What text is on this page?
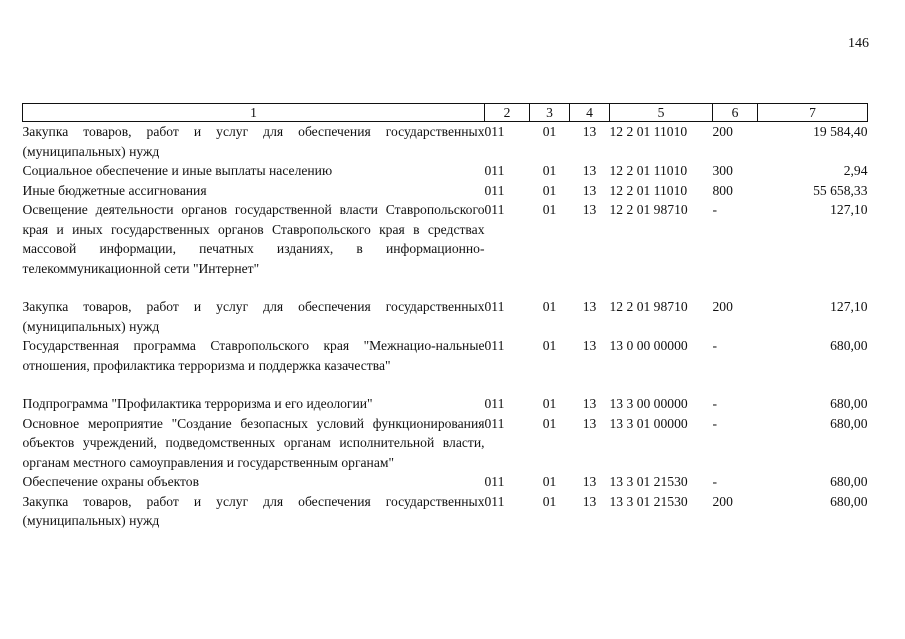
146
1	2	3	4	5	6	7
Закупка товаров, работ и услуг для обеспечения государственных (муниципальных) нужд	011	01	13	12 2 01 11010	200	19 584,40
Социальное обеспечение и иные выплаты населению	011	01	13	12 2 01 11010	300	2,94
Иные бюджетные ассигнования	011	01	13	12 2 01 11010	800	55 658,33
Освещение деятельности органов государственной власти Ставропольского края и иных государственных органов Ставропольского края в средствах массовой информации, печатных изданиях, в информационно-телекоммуникационной сети "Интернет"	011	01	13	12 2 01 98710	-	127,10
Закупка товаров, работ и услуг для обеспечения государственных (муниципальных) нужд	011	01	13	12 2 01 98710	200	127,10
Государственная программа Ставропольского края "Межнацио-нальные отношения, профилактика терроризма и поддержка казачества"	011	01	13	13 0 00 00000	-	680,00
Подпрограмма "Профилактика терроризма и его идеологии"	011	01	13	13 3 00 00000	-	680,00
Основное мероприятие "Создание безопасных условий функционирования объектов учреждений, подведомственных органам исполнительной власти, органам местного самоуправления и государственным органам"	011	01	13	13 3 01 00000	-	680,00
Обеспечение охраны объектов	011	01	13	13 3 01 21530	-	680,00
Закупка товаров, работ и услуг для обеспечения государственных (муниципальных) нужд	011	01	13	13 3 01 21530	200	680,00
